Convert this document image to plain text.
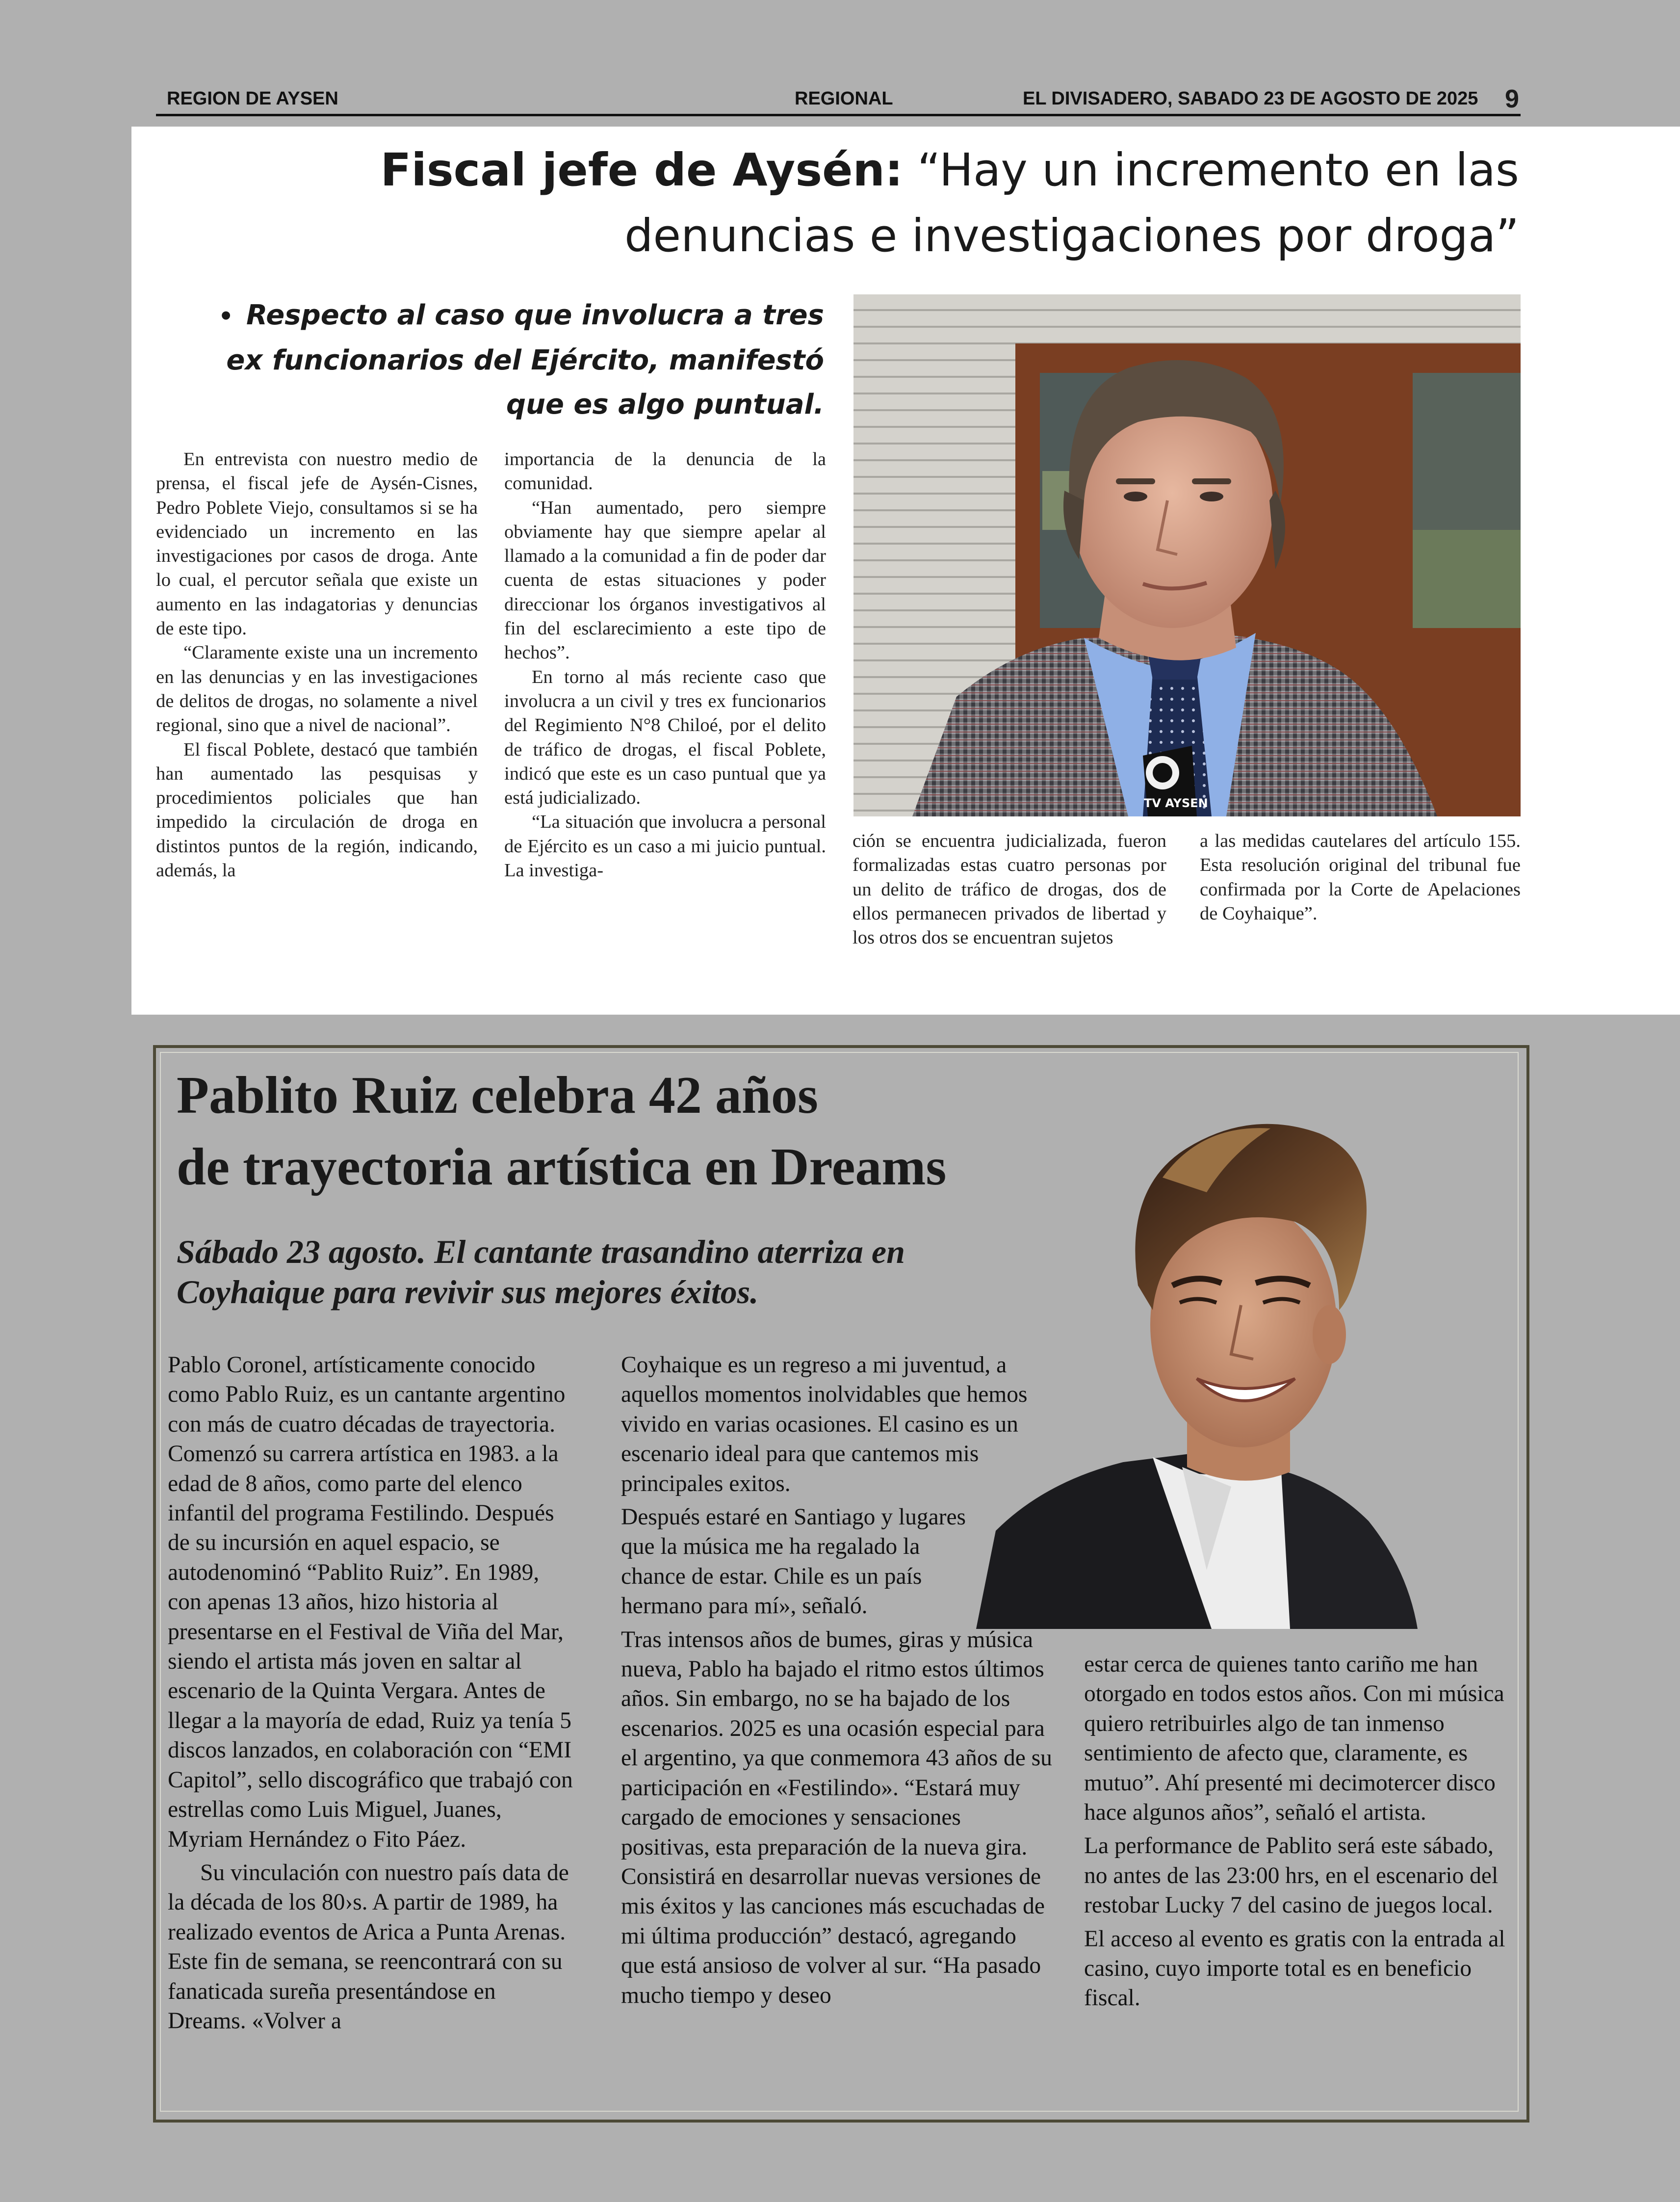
REGION DE AYSEN	REGIONAL	EL DIVISADERO, SABADO 23 DE AGOSTO DE 2025 9
Fiscal jefe de Aysén: “Hay un incremento en las
denuncias e investigaciones por droga”
• Respecto al caso que involucra a tres ex funcionarios del Ejército, manifestó que es algo puntual.

En entrevista con nuestro medio de prensa, el fiscal jefe de Aysén-Cisnes, Pedro Poblete Viejo, consultamos si se ha evidenciado un incremento en las investigaciones por casos de droga. Ante lo cual, el percutor señala que existe un aumento en las indagatorias y denuncias de este tipo.

“Claramente existe una un incremento en las denuncias y en las investigaciones de delitos de drogas, no solamente a nivel regional, sino que a nivel de nacional”.

El fiscal Poblete, destacó que también han aumentado las pesquisas y procedimientos policiales que han impedido la circulación de droga en distintos puntos de la región, indicando, además, la

importancia de la denuncia de la comunidad.

“Han aumentado, pero siempre obviamente hay que siempre apelar al llamado a la comunidad a fin de poder dar cuenta de estas situaciones y poder direccionar los órganos investigativos al fin del esclarecimiento a este tipo de hechos”.

En torno al más reciente caso que involucra a un civil y tres ex funcionarios del Regimiento N°8 Chiloé, por el delito de tráfico de drogas, el fiscal Poblete, indicó que este es un caso puntual que ya está judicializado.

“La situación que involucra a personal de Ejército es un caso a mi juicio puntual. La investiga-

ción se encuentra judicializada, fueron formalizadas estas cuatro personas por un delito de tráfico de drogas, dos de ellos permanecen privados de libertad y los otros dos se encuentran sujetos

a las medidas cautelares del artículo 155. Esta resolución original del tribunal fue confirmada por la Corte de Apelaciones de Coyhaique”.

TV AYSEN
Pablito Ruiz celebra 42 años
de trayectoria artística en Dreams
Sábado 23 agosto. El cantante trasandino aterriza en
Coyhaique para revivir sus mejores éxitos.

Pablo Coronel, artísticamente conocido como Pablo Ruiz, es un cantante argentino con más de cuatro décadas de trayectoria. Comenzó su carrera artística en 1983. a la edad de 8 años, como parte del elenco infantil del programa Festilindo. Después de su incursión en aquel espacio, se autodenominó “Pablito Ruiz”. En 1989, con apenas 13 años, hizo historia al presentarse en el Festival de Viña del Mar, siendo el artista más joven en saltar al escenario de la Quinta Vergara. Antes de llegar a la mayoría de edad, Ruiz ya tenía 5 discos lanzados, en colaboración con “EMI Capitol”, sello discográfico que trabajó con estrellas como Luis Miguel, Juanes, Myriam Hernández o Fito Páez.

Su vinculación con nuestro país data de la década de los 80›s. A partir de 1989, ha realizado eventos de Arica a Punta Arenas. Este fin de semana, se reencontrará con su fanaticada sureña presentándose en Dreams. «Volver a

Coyhaique es un regreso a mi juventud, a aquellos momentos inolvidables que hemos vivido en varias ocasiones. El casino es un escenario ideal para que cantemos mis principales exitos.

Después estaré en Santiago y lugares que la música me ha regalado la chance de estar. Chile es un país hermano para mí», señaló.

Tras intensos años de bumes, giras y música nueva, Pablo ha bajado el ritmo estos últimos años. Sin embargo, no se ha bajado de los escenarios. 2025 es una ocasión especial para el argentino, ya que conmemora 43 años de su participación en «Festilindo». “Estará muy cargado de emociones y sensaciones positivas, esta preparación de la nueva gira. Consistirá en desarrollar nuevas versiones de mis éxitos y las canciones más escuchadas de mi última producción” destacó, agregando que está ansioso de volver al sur. “Ha pasado mucho tiempo y deseo

estar cerca de quienes tanto cariño me han otorgado en todos estos años. Con mi música quiero retribuirles algo de tan inmenso sentimiento de afecto que, claramente, es mutuo”. Ahí presenté mi decimotercer disco hace algunos años”, señaló el artista.

La performance de Pablito será este sábado, no antes de las 23:00 hrs, en el escenario del restobar Lucky 7 del casino de juegos local.

El acceso al evento es gratis con la entrada al casino, cuyo importe total es en beneficio fiscal.
